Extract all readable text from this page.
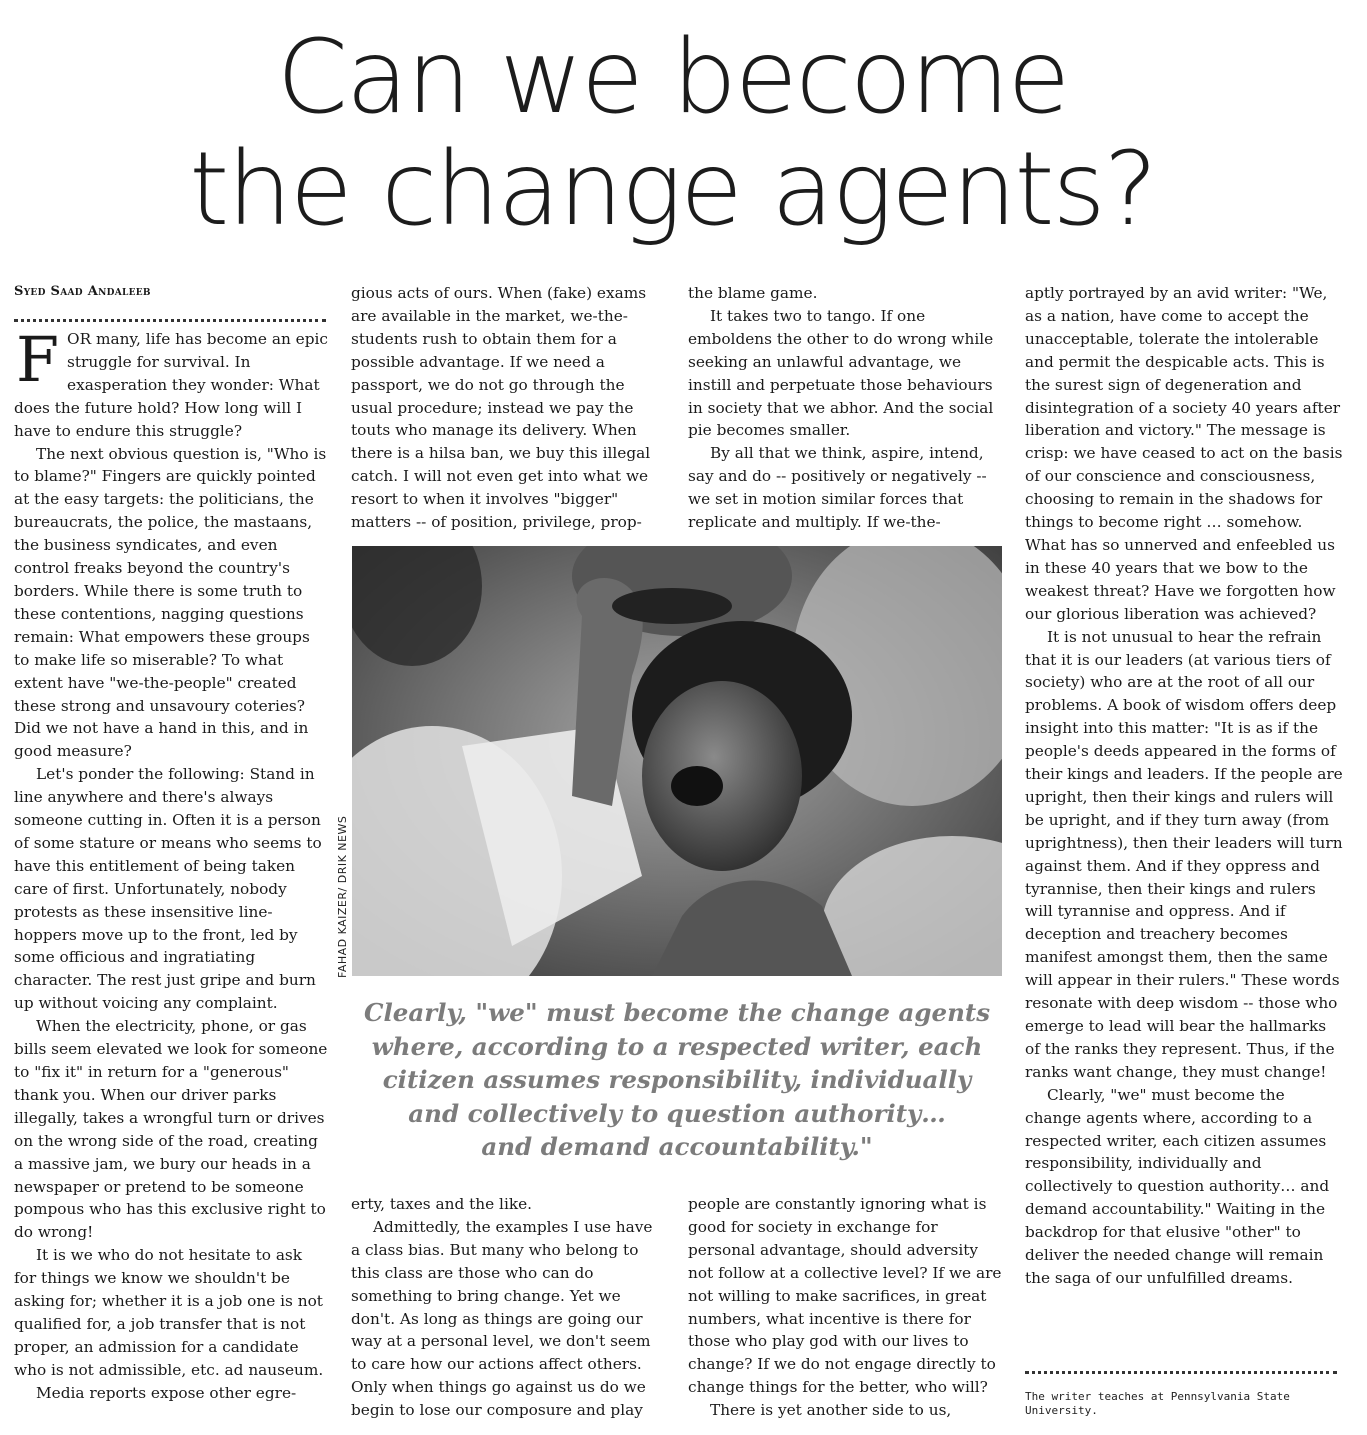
Can we become
the change agents?
Syed Saad Andaleeb

FOR many, life has become an epic struggle for survival. In exasperation they wonder: What does the future hold? How long will I have to endure this struggle?

The next obvious question is, "Who is to blame?" Fingers are quickly pointed at the easy targets: the politicians, the bureaucrats, the police, the mastaans, the business syndicates, and even control freaks beyond the country's borders. While there is some truth to these contentions, nagging questions remain: What empowers these groups to make life so miserable? To what extent have "we-the-people" created these strong and unsavoury coteries? Did we not have a hand in this, and in good measure?

Let's ponder the following: Stand in line anywhere and there's always someone cutting in. Often it is a person of some stature or means who seems to have this entitlement of being taken care of first. Unfortunately, nobody protests as these insensitive line-hoppers move up to the front, led by some officious and ingratiating character. The rest just gripe and burn up without voicing any complaint.

When the electricity, phone, or gas bills seem elevated we look for someone to "fix it" in return for a "generous" thank you. When our driver parks illegally, takes a wrongful turn or drives on the wrong side of the road, creating a massive jam, we bury our heads in a newspaper or pretend to be someone pompous who has this exclusive right to do wrong!

It is we who do not hesitate to ask for things we know we shouldn't be asking for; whether it is a job one is not qualified for, a job transfer that is not proper, an admission for a candidate who is not admissible, etc. ad nauseum.

Media reports expose other egre-

gious acts of ours. When (fake) exams are available in the market, we-the-students rush to obtain them for a possible advantage. If we need a passport, we do not go through the usual procedure; instead we pay the touts who manage its delivery. When there is a hilsa ban, we buy this illegal catch. I will not even get into what we resort to when it involves "bigger" matters -- of position, privilege, prop-

the blame game.

It takes two to tango. If one emboldens the other to do wrong while seeking an unlawful advantage, we instill and perpetuate those behaviours in society that we abhor. And the social pie becomes smaller.

By all that we think, aspire, intend, say and do -- positively or negatively -- we set in motion similar forces that replicate and multiply. If we-the-

FAHAD KAIZER/ DRIK NEWS
Clearly, "we" must become the change agents
where, according to a respected writer, each
citizen assumes responsibility, individually
and collectively to question authority…
and demand accountability."

erty, taxes and the like.

Admittedly, the examples I use have a class bias. But many who belong to this class are those who can do something to bring change. Yet we don't. As long as things are going our way at a personal level, we don't seem to care how our actions affect others. Only when things go against us do we begin to lose our composure and play

people are constantly ignoring what is good for society in exchange for personal advantage, should adversity not follow at a collective level? If we are not willing to make sacrifices, in great numbers, what incentive is there for those who play god with our lives to change? If we do not engage directly to change things for the better, who will?

There is yet another side to us,

aptly portrayed by an avid writer: "We, as a nation, have come to accept the unacceptable, tolerate the intolerable and permit the despicable acts. This is the surest sign of degeneration and disintegration of a society 40 years after liberation and victory." The message is crisp: we have ceased to act on the basis of our conscience and consciousness, choosing to remain in the shadows for things to become right … somehow. What has so unnerved and enfeebled us in these 40 years that we bow to the weakest threat? Have we forgotten how our glorious liberation was achieved?

It is not unusual to hear the refrain that it is our leaders (at various tiers of society) who are at the root of all our problems. A book of wisdom offers deep insight into this matter: "It is as if the people's deeds appeared in the forms of their kings and leaders. If the people are upright, then their kings and rulers will be upright, and if they turn away (from uprightness), then their leaders will turn against them. And if they oppress and tyrannise, then their kings and rulers will tyrannise and oppress. And if deception and treachery becomes manifest amongst them, then the same will appear in their rulers." These words resonate with deep wisdom -- those who emerge to lead will bear the hallmarks of the ranks they represent. Thus, if the ranks want change, they must change!

Clearly, "we" must become the change agents where, according to a respected writer, each citizen assumes responsibility, individually and collectively to question authority… and demand accountability." Waiting in the backdrop for that elusive "other" to deliver the needed change will remain the saga of our unfulfilled dreams.

The writer teaches at Pennsylvania State University.
